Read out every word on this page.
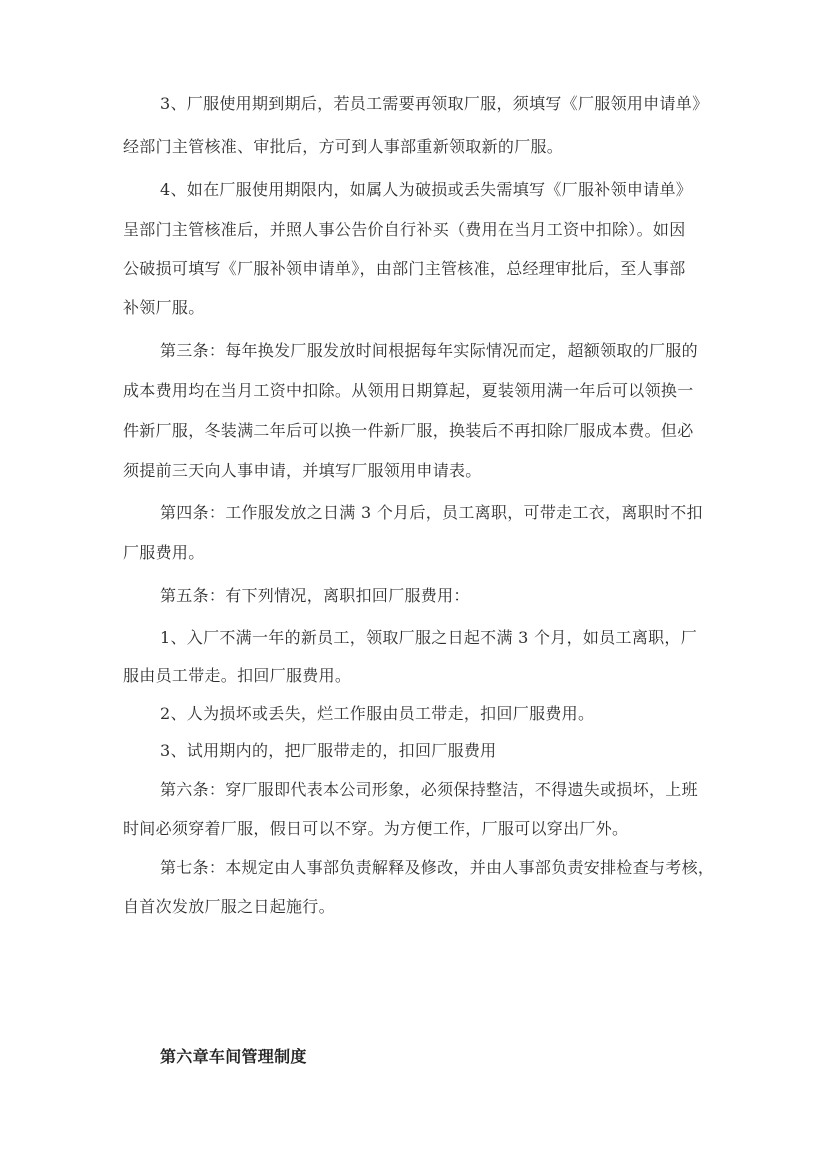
3、厂服使用期到期后，若员工需要再领取厂服，须填写《厂服领用申请单》
经部门主管核准、审批后，方可到人事部重新领取新的厂服。
4、如在厂服使用期限内，如属人为破损或丢失需填写《厂服补领申请单》
呈部门主管核准后，并照人事公告价自行补买（费用在当月工资中扣除）。如因
公破损可填写《厂服补领申请单》，由部门主管核准，总经理审批后，至人事部
补领厂服。
第三条：每年换发厂服发放时间根据每年实际情况而定，超额领取的厂服的
成本费用均在当月工资中扣除。从领用日期算起，夏装领用满一年后可以领换一
件新厂服，冬装满二年后可以换一件新厂服，换装后不再扣除厂服成本费。但必
须提前三天向人事申请，并填写厂服领用申请表。
第四条：工作服发放之日满 3 个月后，员工离职，可带走工衣，离职时不扣
厂服费用。
第五条：有下列情况，离职扣回厂服费用：
1、入厂不满一年的新员工，领取厂服之日起不满 3 个月，如员工离职，厂
服由员工带走。扣回厂服费用。
2、人为损坏或丢失，烂工作服由员工带走，扣回厂服费用。
3、试用期内的，把厂服带走的，扣回厂服费用
第六条：穿厂服即代表本公司形象，必须保持整洁，不得遗失或损坏，上班
时间必须穿着厂服，假日可以不穿。为方便工作，厂服可以穿出厂外。
第七条：本规定由人事部负责解释及修改，并由人事部负责安排检查与考核，
自首次发放厂服之日起施行。
第六章车间管理制度
